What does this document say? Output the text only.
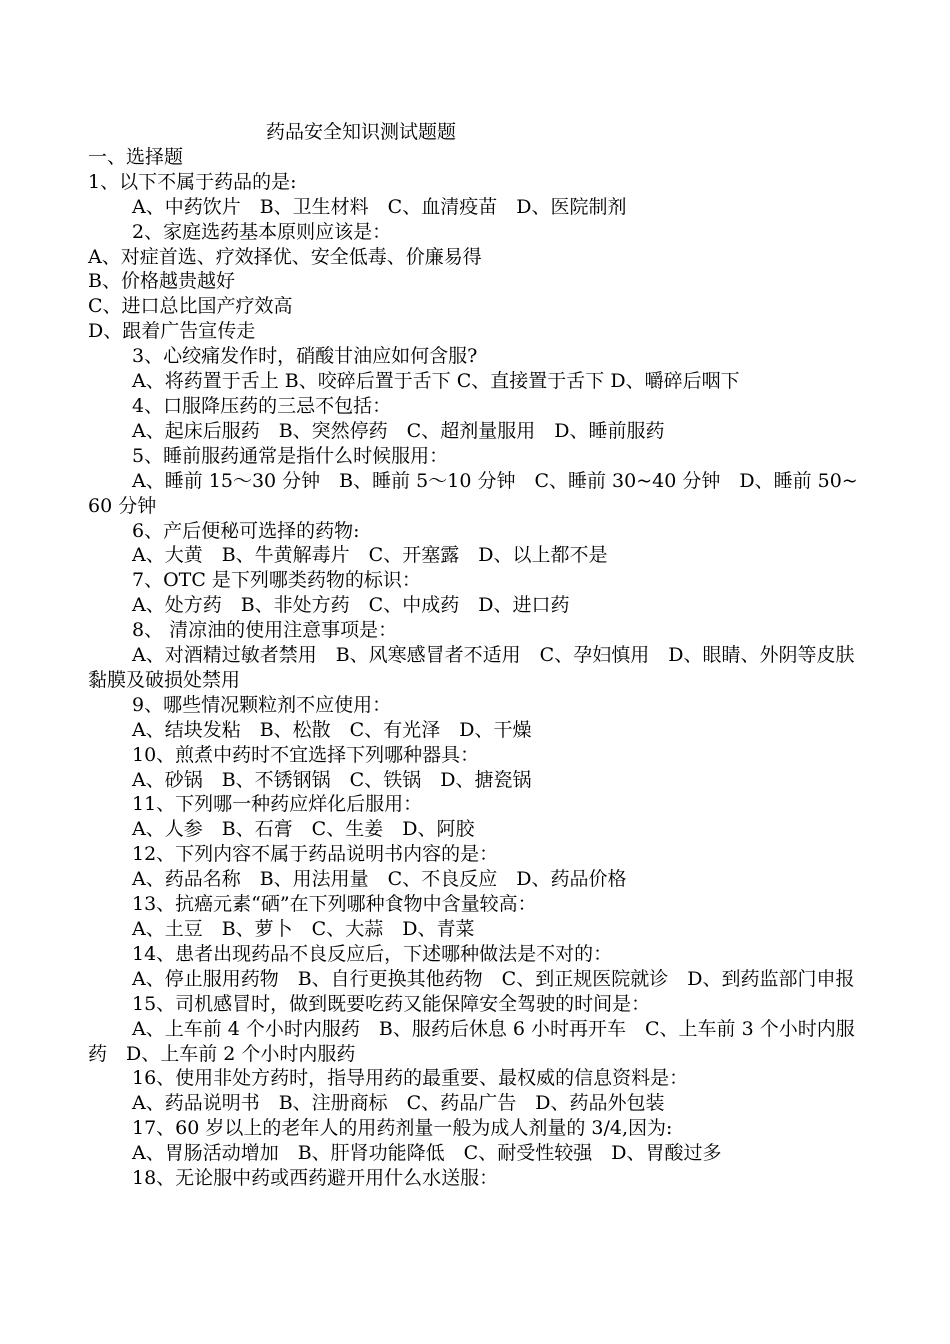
药品安全知识测试题题
一、选择题
1、以下不属于药品的是:
A、中药饮片　B、卫生材料　C、血清疫苗　D、医院制剂
2、家庭选药基本原则应该是：
A、对症首选、疗效择优、安全低毒、价廉易得
B、价格越贵越好
C、进口总比国产疗效高
D、跟着广告宣传走
3、心绞痛发作时，硝酸甘油应如何含服?
A、将药置于舌上 B、咬碎后置于舌下 C、直接置于舌下 D、嚼碎后咽下
4、口服降压药的三忌不包括：
A、起床后服药　B、突然停药　C、超剂量服用　D、睡前服药
5、睡前服药通常是指什么时候服用：
A、睡前 15～30 分钟　B、睡前 5～10 分钟　C、睡前 30~40 分钟　D、睡前 50~60 分钟
6、产后便秘可选择的药物:
A、大黄　B、牛黄解毒片　C、开塞露　D、以上都不是
7、OTC 是下列哪类药物的标识：
A、处方药　B、非处方药　C、中成药　D、进口药
8、 清凉油的使用注意事项是：
A、对酒精过敏者禁用　B、风寒感冒者不适用　C、孕妇慎用　D、眼睛、外阴等皮肤黏膜及破损处禁用
9、哪些情况颗粒剂不应使用：
A、结块发粘　B、松散　C、有光泽　D、干燥
10、煎煮中药时不宜选择下列哪种器具：
A、砂锅　B、不锈钢锅　C、铁锅　D、搪瓷锅
11、下列哪一种药应烊化后服用：
A、人参　B、石膏　C、生姜　D、阿胶
12、下列内容不属于药品说明书内容的是：
A、药品名称　B、用法用量　C、不良反应　D、药品价格
13、抗癌元素“硒”在下列哪种食物中含量较高：
A、土豆　B、萝卜　C、大蒜　D、青菜
14、患者出现药品不良反应后，下述哪种做法是不对的：
A、停止服用药物　B、自行更换其他药物　C、到正规医院就诊　D、到药监部门申报
15、司机感冒时，做到既要吃药又能保障安全驾驶的时间是：
A、上车前 4 个小时内服药　B、服药后休息 6 小时再开车　C、上车前 3 个小时内服药　D、上车前 2 个小时内服药
16、使用非处方药时，指导用药的最重要、最权威的信息资料是：
A、药品说明书　B、注册商标　C、药品广告　D、药品外包装
17、60 岁以上的老年人的用药剂量一般为成人剂量的 3/4,因为:
A、胃肠活动增加　B、肝肾功能降低　C、耐受性较强　D、胃酸过多
18、无论服中药或西药避开用什么水送服：
